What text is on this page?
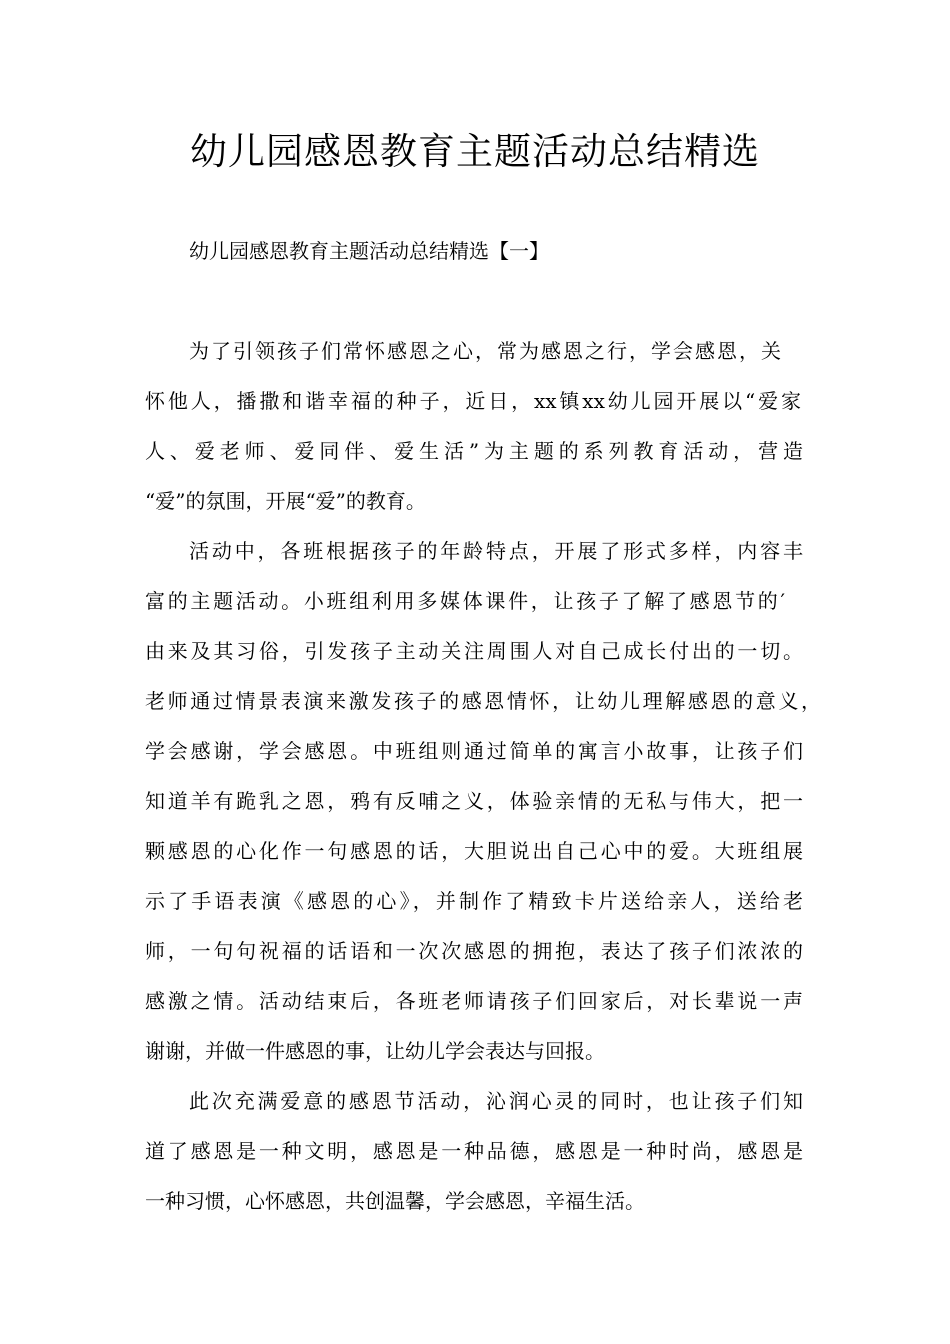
幼儿园感恩教育主题活动总结精选

幼儿园感恩教育主题活动总结精选【一】

为了引领孩子们常怀感恩之心，常为感恩之行，学会感恩，关
怀他人，播撒和谐幸福的种子，近日，xx镇xx幼儿园开展以“爱家
人、爱老师、爱同伴、爱生活”为主题的系列教育活动，营造
“爱”的氛围，开展“爱”的教育。
活动中，各班根据孩子的年龄特点，开展了形式多样，内容丰
富的主题活动。小班组利用多媒体课件，让孩子了解了感恩节的′
由来及其习俗，引发孩子主动关注周围人对自己成长付出的一切。
老师通过情景表演来激发孩子的感恩情怀，让幼儿理解感恩的意义，
学会感谢，学会感恩。中班组则通过简单的寓言小故事，让孩子们
知道羊有跪乳之恩，鸦有反哺之义，体验亲情的无私与伟大，把一
颗感恩的心化作一句感恩的话，大胆说出自己心中的爱。大班组展
示了手语表演《感恩的心》，并制作了精致卡片送给亲人，送给老
师，一句句祝福的话语和一次次感恩的拥抱，表达了孩子们浓浓的
感激之情。活动结束后，各班老师请孩子们回家后，对长辈说一声
谢谢，并做一件感恩的事，让幼儿学会表达与回报。
此次充满爱意的感恩节活动，沁润心灵的同时，也让孩子们知
道了感恩是一种文明，感恩是一种品德，感恩是一种时尚，感恩是
一种习惯，心怀感恩，共创温馨，学会感恩，辛福生活。
